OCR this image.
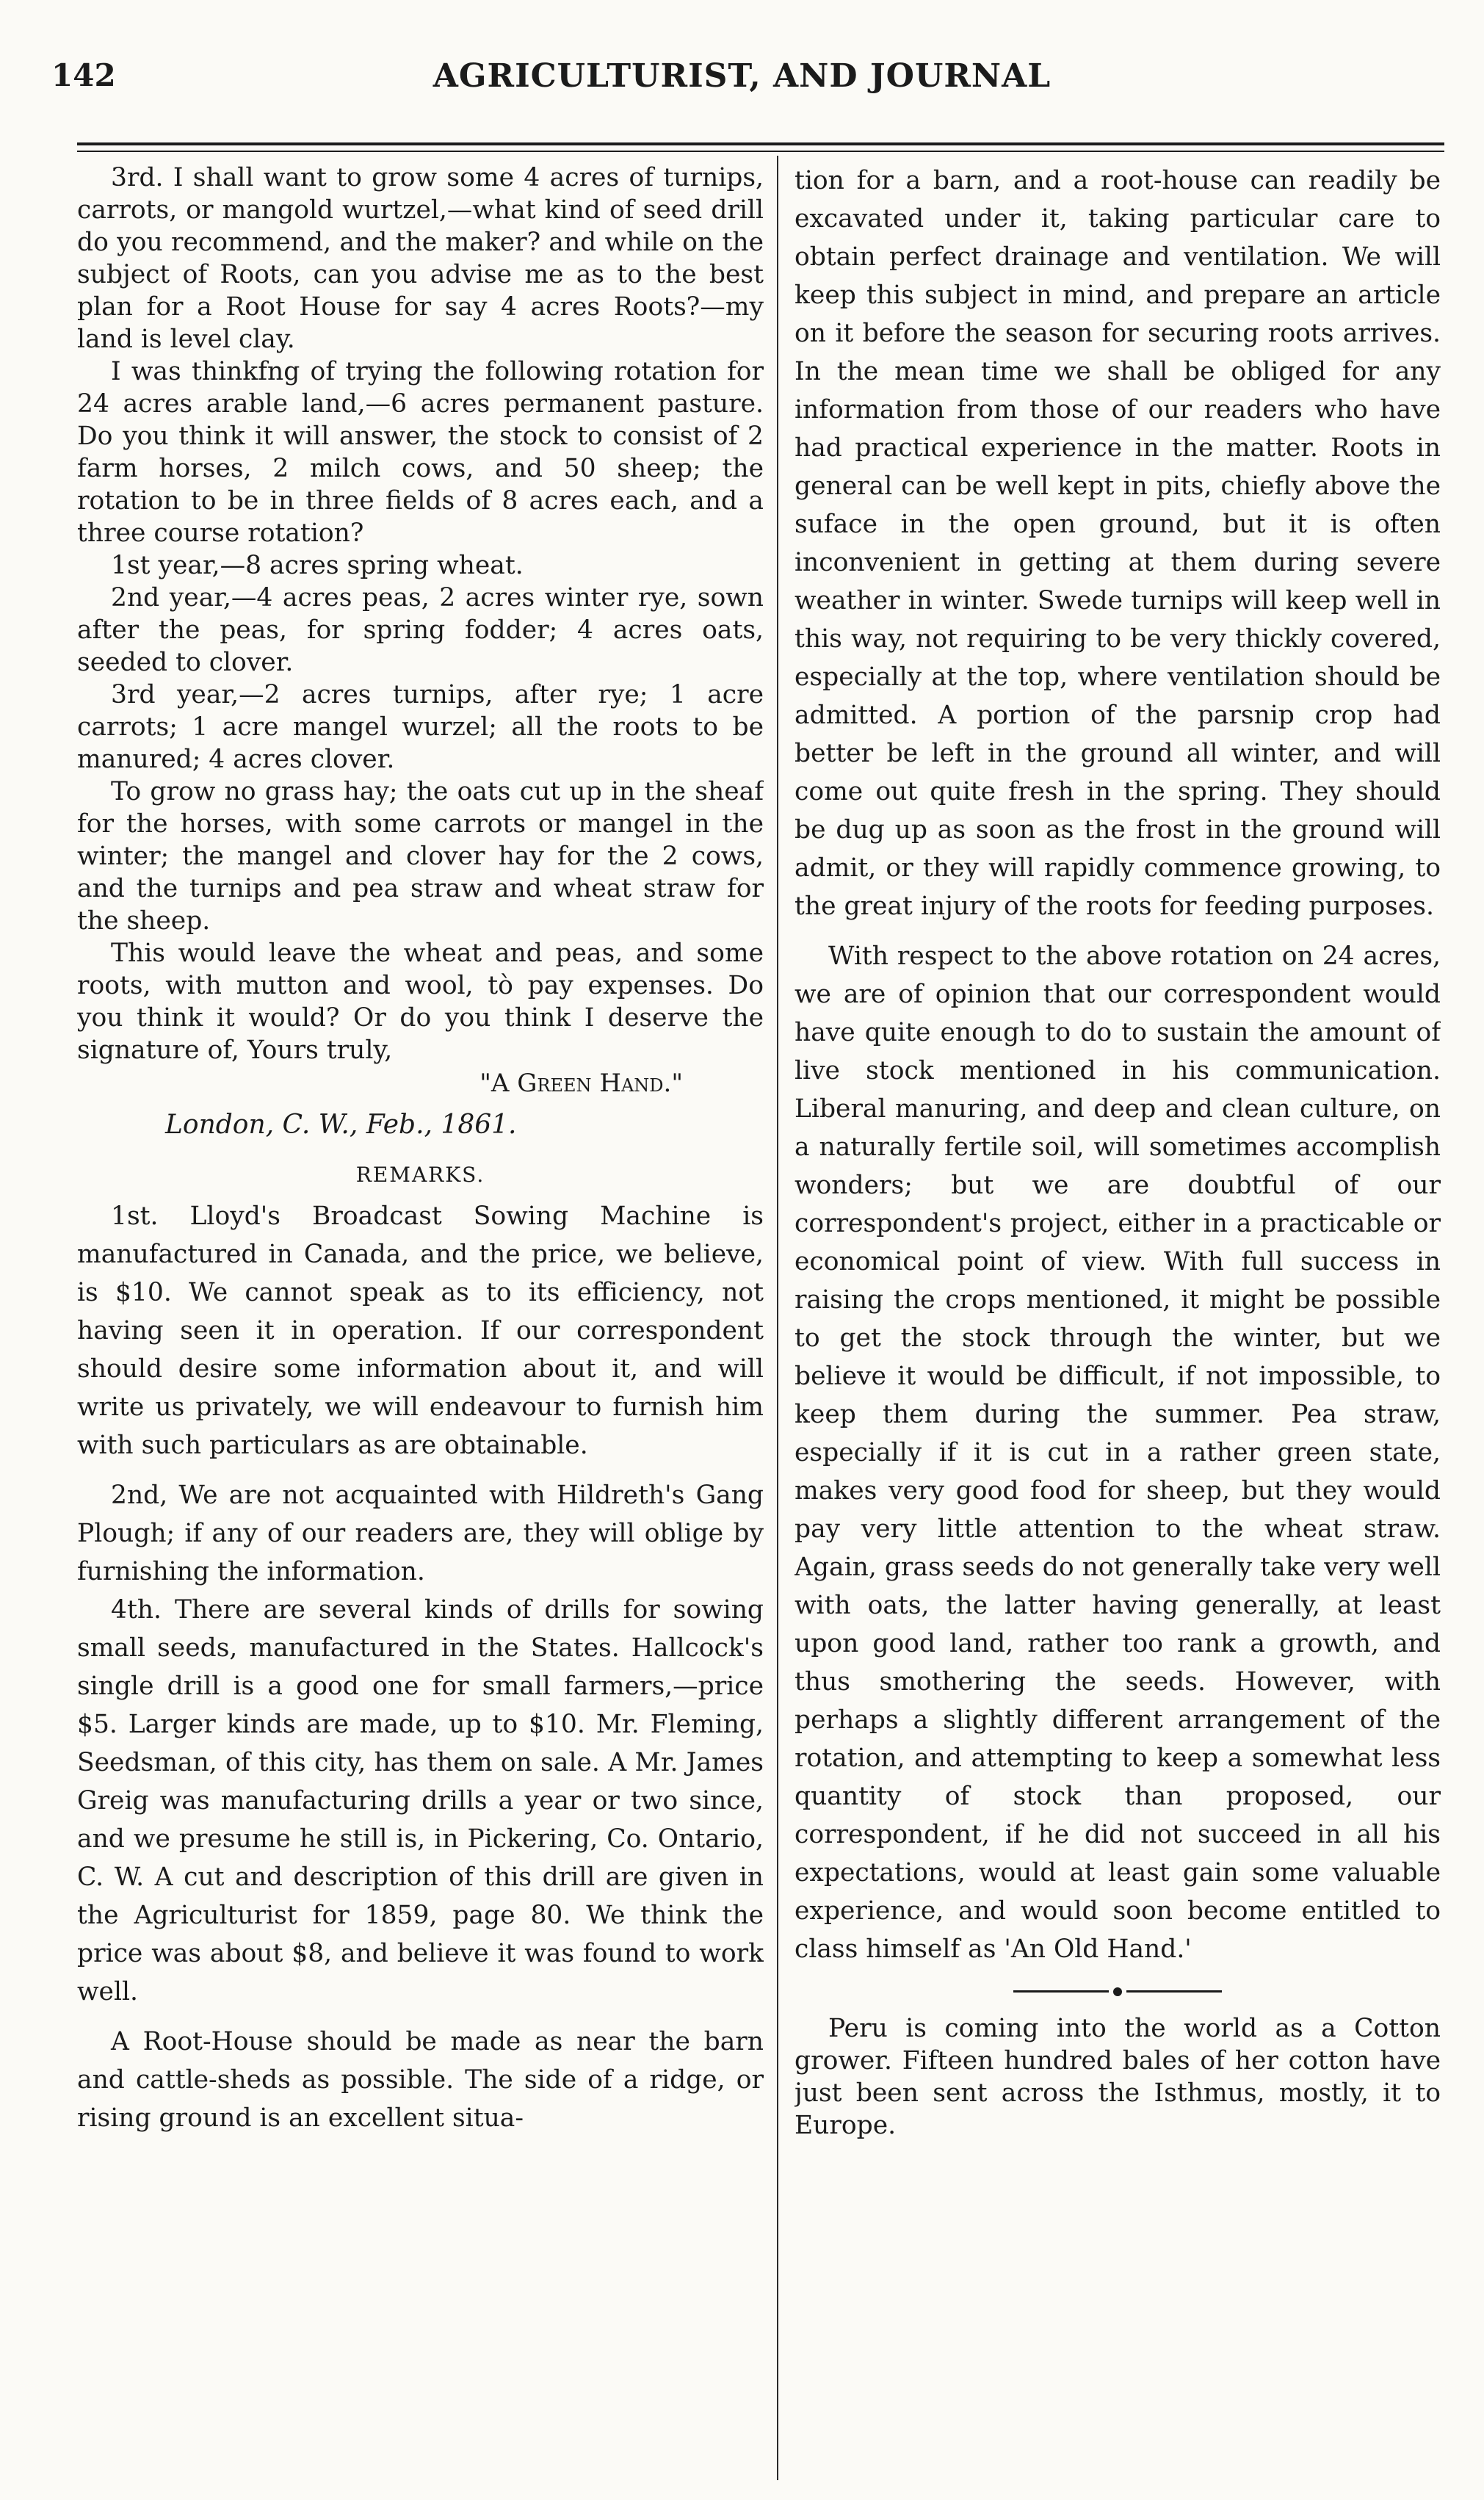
142	AGRICULTURIST, AND JOURNAL

3rd. I shall want to grow some 4 acres of turnips, carrots, or mangold wurtzel,—what kind of seed drill do you recommend, and the maker? and while on the subject of Roots, can you advise me as to the best plan for a Root House for say 4 acres Roots?—my land is level clay.

I was thinkfng of trying the following rotation for 24 acres arable land,—6 acres permanent pasture. Do you think it will answer, the stock to consist of 2 farm horses, 2 milch cows, and 50 sheep; the rotation to be in three fields of 8 acres each, and a three course rotation?

1st year,—8 acres spring wheat.

2nd year,—4 acres peas, 2 acres winter rye, sown after the peas, for spring fodder; 4 acres oats, seeded to clover.

3rd year,—2 acres turnips, after rye; 1 acre carrots; 1 acre mangel wurzel; all the roots to be manured; 4 acres clover.

To grow no grass hay; the oats cut up in the sheaf for the horses, with some carrots or mangel in the winter; the mangel and clover hay for the 2 cows, and the turnips and pea straw and wheat straw for the sheep.

This would leave the wheat and peas, and some roots, with mutton and wool, tò pay expenses. Do you think it would? Or do you think I deserve the signature of, Yours truly,

"A Green Hand."
London, C. W., Feb., 1861.
REMARKS.

1st. Lloyd's Broadcast Sowing Machine is manufactured in Canada, and the price, we believe, is $10. We cannot speak as to its efficiency, not having seen it in operation. If our correspondent should desire some information about it, and will write us privately, we will endeavour to furnish him with such particulars as are obtainable.

2nd, We are not acquainted with Hildreth's Gang Plough; if any of our readers are, they will oblige by furnishing the information.

4th. There are several kinds of drills for sowing small seeds, manufactured in the States. Hallcock's single drill is a good one for small farmers,—price $5. Larger kinds are made, up to $10. Mr. Fleming, Seedsman, of this city, has them on sale. A Mr. James Greig was manufacturing drills a year or two since, and we presume he still is, in Pickering, Co. Ontario, C. W. A cut and description of this drill are given in the Agriculturist for 1859, page 80. We think the price was about $8, and believe it was found to work well.

A Root-House should be made as near the barn and cattle-sheds as possible. The side of a ridge, or rising ground is an excellent situa-

tion for a barn, and a root-house can readily be excavated under it, taking particular care to obtain perfect drainage and ventilation. We will keep this subject in mind, and prepare an article on it before the season for securing roots arrives. In the mean time we shall be obliged for any information from those of our readers who have had practical experience in the matter. Roots in general can be well kept in pits, chiefly above the suface in the open ground, but it is often inconvenient in getting at them during severe weather in winter. Swede turnips will keep well in this way, not requiring to be very thickly covered, especially at the top, where ventilation should be admitted. A portion of the parsnip crop had better be left in the ground all winter, and will come out quite fresh in the spring. They should be dug up as soon as the frost in the ground will admit, or they will rapidly commence growing, to the great injury of the roots for feeding purposes.

With respect to the above rotation on 24 acres, we are of opinion that our correspondent would have quite enough to do to sustain the amount of live stock mentioned in his communication. Liberal manuring, and deep and clean culture, on a naturally fertile soil, will sometimes accomplish wonders; but we are doubtful of our correspondent's project, either in a practicable or economical point of view. With full success in raising the crops mentioned, it might be possible to get the stock through the winter, but we believe it would be difficult, if not impossible, to keep them during the summer. Pea straw, especially if it is cut in a rather green state, makes very good food for sheep, but they would pay very little attention to the wheat straw. Again, grass seeds do not generally take very well with oats, the latter having generally, at least upon good land, rather too rank a growth, and thus smothering the seeds. However, with perhaps a slightly different arrangement of the rotation, and attempting to keep a somewhat less quantity of stock than proposed, our correspondent, if he did not succeed in all his expectations, would at least gain some valuable experience, and would soon become entitled to class himself as 'An Old Hand.'

Peru is coming into the world as a Cotton grower. Fifteen hundred bales of her cotton have just been sent across the Isthmus, mostly, it to Europe.
